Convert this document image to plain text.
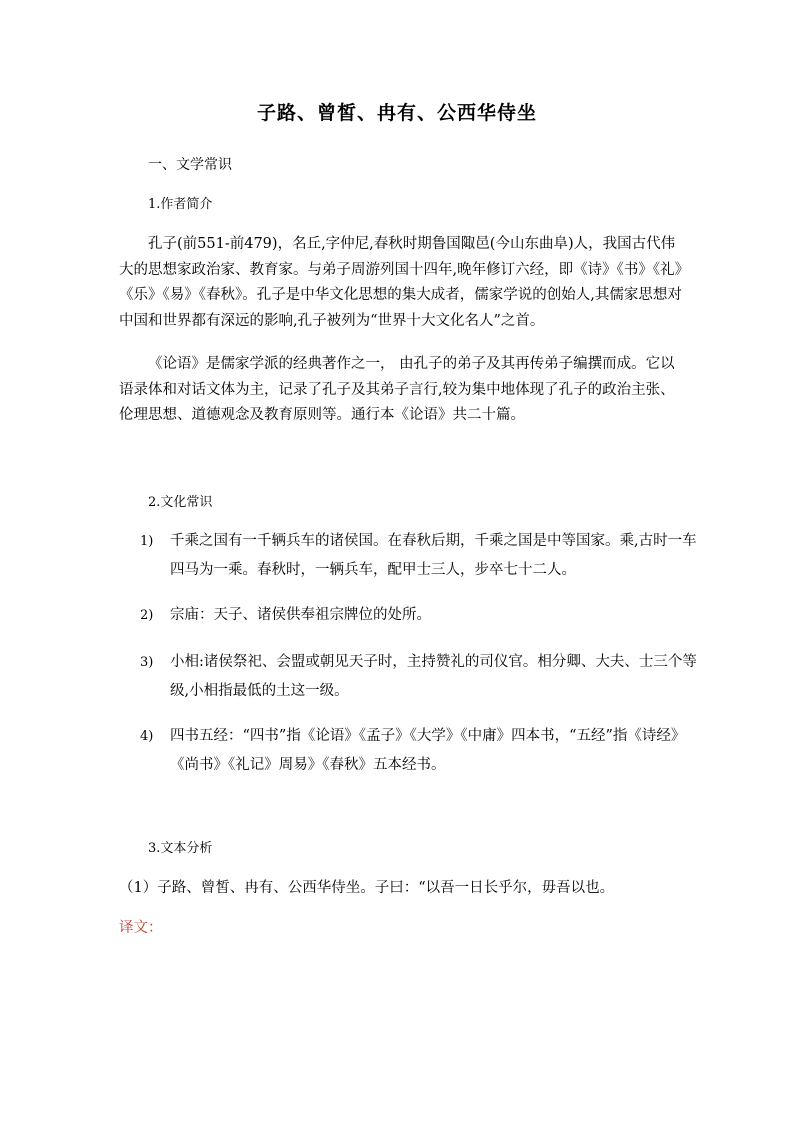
子路、曾皙、冉有、公西华侍坐
一、文学常识
1.作者简介
孔子(前551-前479)，名丘,字仲尼,春秋时期鲁国陬邑(今山东曲阜)人，我国古代伟大的思想家政治家、教育家。与弟子周游列国十四年,晚年修订六经，即《诗》《书》《礼》《乐》《易》《春秋》。孔子是中华文化思想的集大成者，儒家学说的创始人,其儒家思想对中国和世界都有深远的影响,孔子被列为“世界十大文化名人”之首。
《论语》是儒家学派的经典著作之一， 由孔子的弟子及其再传弟子编撰而成。它以语录体和对话文体为主，记录了孔子及其弟子言行,较为集中地体现了孔子的政治主张、伦理思想、道德观念及教育原则等。通行本《论语》共二十篇。
2.文化常识
1)	千乘之国有一千辆兵车的诸侯国。在春秋后期，千乘之国是中等国家。乘,古时一车四马为一乘。春秋时，一辆兵车，配甲士三人，步卒七十二人。
2)	宗庙：天子、诸侯供奉祖宗牌位的处所。
3)	小相:诸侯祭祀、会盟或朝见天子时，主持赞礼的司仪官。相分卿、大夫、士三个等级,小相指最低的土这一级。
4)	四书五经：“四书”指《论语》《孟子》《大学》《中庸》四本书，“五经”指《诗经》《尚书》《礼记》周易》《春秋》五本经书。
3.文本分析
（1）子路、曾皙、冉有、公西华侍坐。子曰：“以吾一日长乎尔，毋吾以也。
译文：
